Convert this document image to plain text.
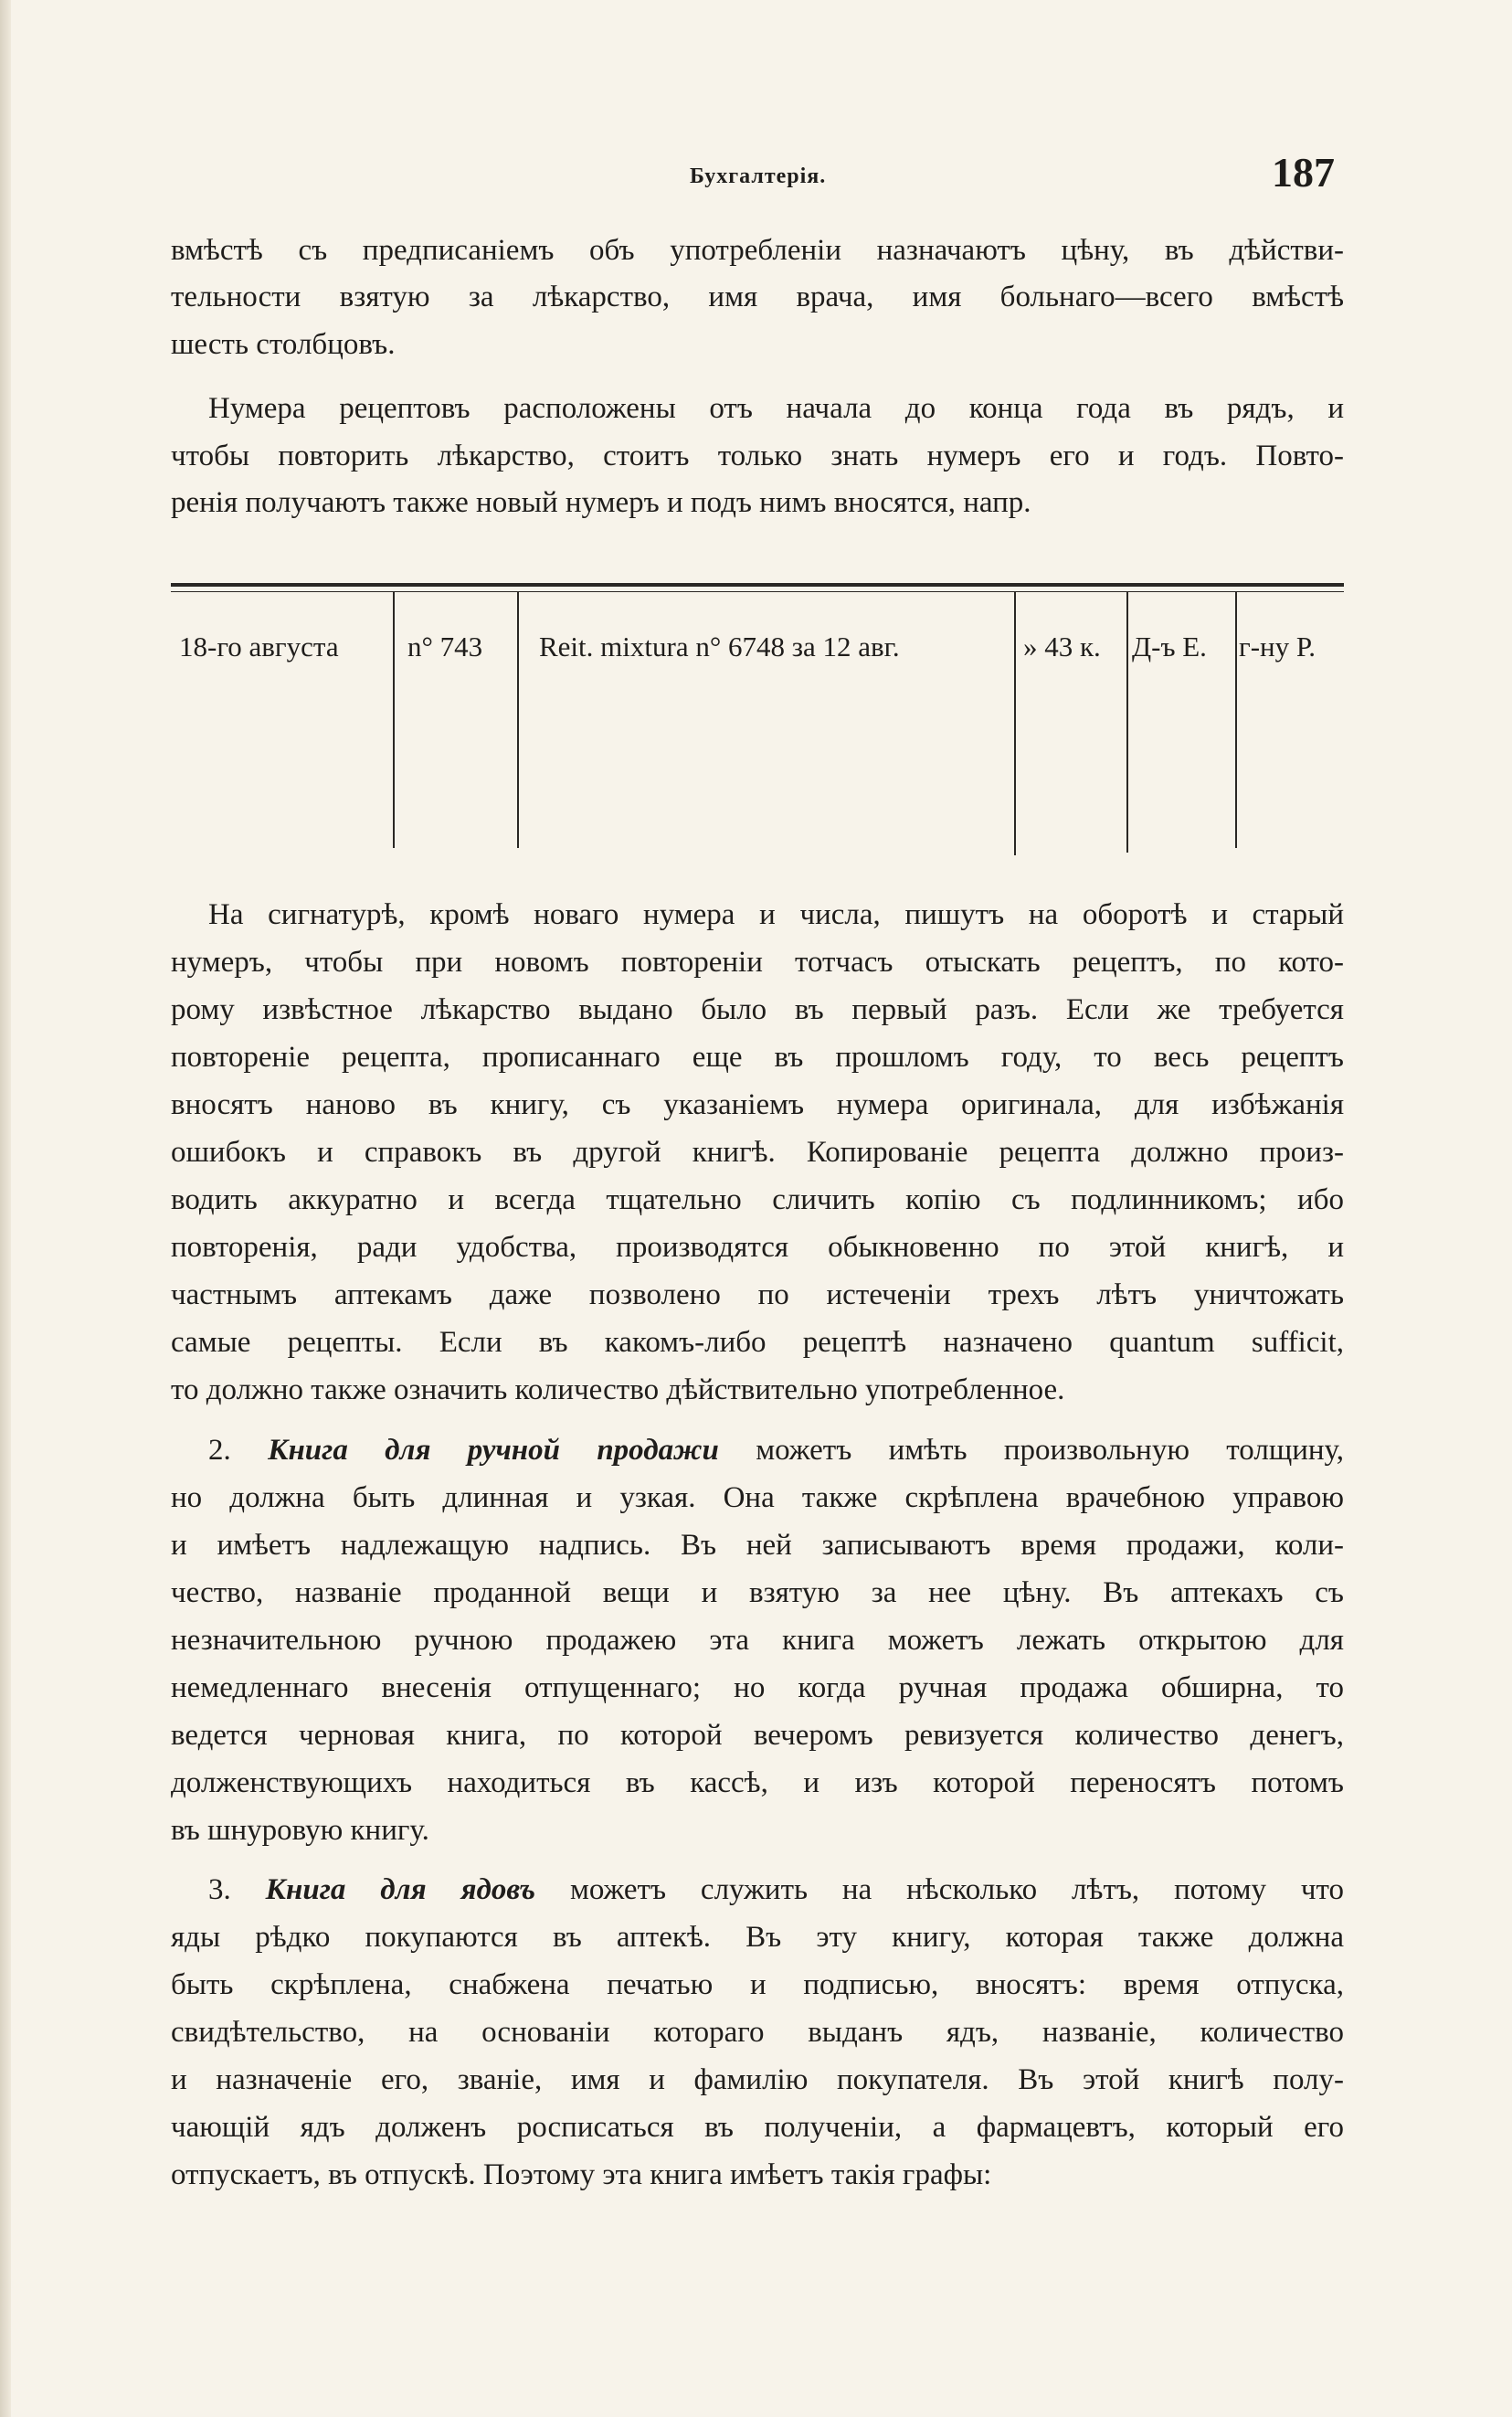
Бухгалтерія.	187
вмѣстѣ съ предписаніемъ объ употребленіи назначаютъ цѣну, въ дѣйстви-
тельности взятую за лѣкарство, имя врача, имя больнаго—всего вмѣстѣ
шесть столбцовъ.
Нумера рецептовъ расположены отъ начала до конца года въ рядъ, и
чтобы повторить лѣкарство, стоитъ только знать нумеръ его и годъ. Повто-
ренія получаютъ также новый нумеръ и подъ нимъ вносятся, напр.
18-го августа n° 743 Reit. mixtura n° 6748 за 12 авг.	» 43 к. Д-ъ Е. г-ну Р.
На сигнатурѣ, кромѣ новаго нумера и числа, пишутъ на оборотѣ и старый
нумеръ, чтобы при новомъ повтореніи тотчасъ отыскать рецептъ, по кото-
рому извѣстное лѣкарство выдано было въ первый разъ. Если же требуется
повтореніе рецепта, прописаннаго еще въ прошломъ году, то весь рецептъ
вносятъ наново въ книгу, съ указаніемъ нумера оригинала, для избѣжанія
ошибокъ и справокъ въ другой книгѣ. Копированіе рецепта должно произ-
водить аккуратно и всегда тщательно сличить копію съ подлинникомъ; ибо
повторенія, ради удобства, производятся обыкновенно по этой книгѣ, и
частнымъ аптекамъ даже позволено по истеченіи трехъ лѣтъ уничтожать
самые рецепты. Если въ какомъ-либо рецептѣ назначено quantum sufficit,
то должно также означить количество дѣйствительно употребленное.
2. Книга для ручной продажи можетъ имѣть произвольную толщину,
но должна быть длинная и узкая. Она также скрѣплена врачебною управою
и имѣетъ надлежащую надпись. Въ ней записываютъ время продажи, коли-
чество, названіе проданной вещи и взятую за нее цѣну. Въ аптекахъ съ
незначительною ручною продажею эта книга можетъ лежать открытою для
немедленнаго внесенія отпущеннаго; но когда ручная продажа обширна, то
ведется черновая книга, по которой вечеромъ ревизуется количество денегъ,
долженствующихъ находиться въ кассѣ, и изъ которой переносятъ потомъ
въ шнуровую книгу.
3. Книга для ядовъ можетъ служить на нѣсколько лѣтъ, потому что
яды рѣдко покупаются въ аптекѣ. Въ эту книгу, которая также должна
быть скрѣплена, снабжена печатью и подписью, вносятъ: время отпуска,
свидѣтельство, на основаніи котораго выданъ ядъ, названіе, количество
и назначеніе его, званіе, имя и фамилію покупателя. Въ этой книгѣ полу-
чающій ядъ долженъ росписаться въ полученіи, а фармацевтъ, который его
отпускаетъ, въ отпускѣ. Поэтому эта книга имѣетъ такія графы:
